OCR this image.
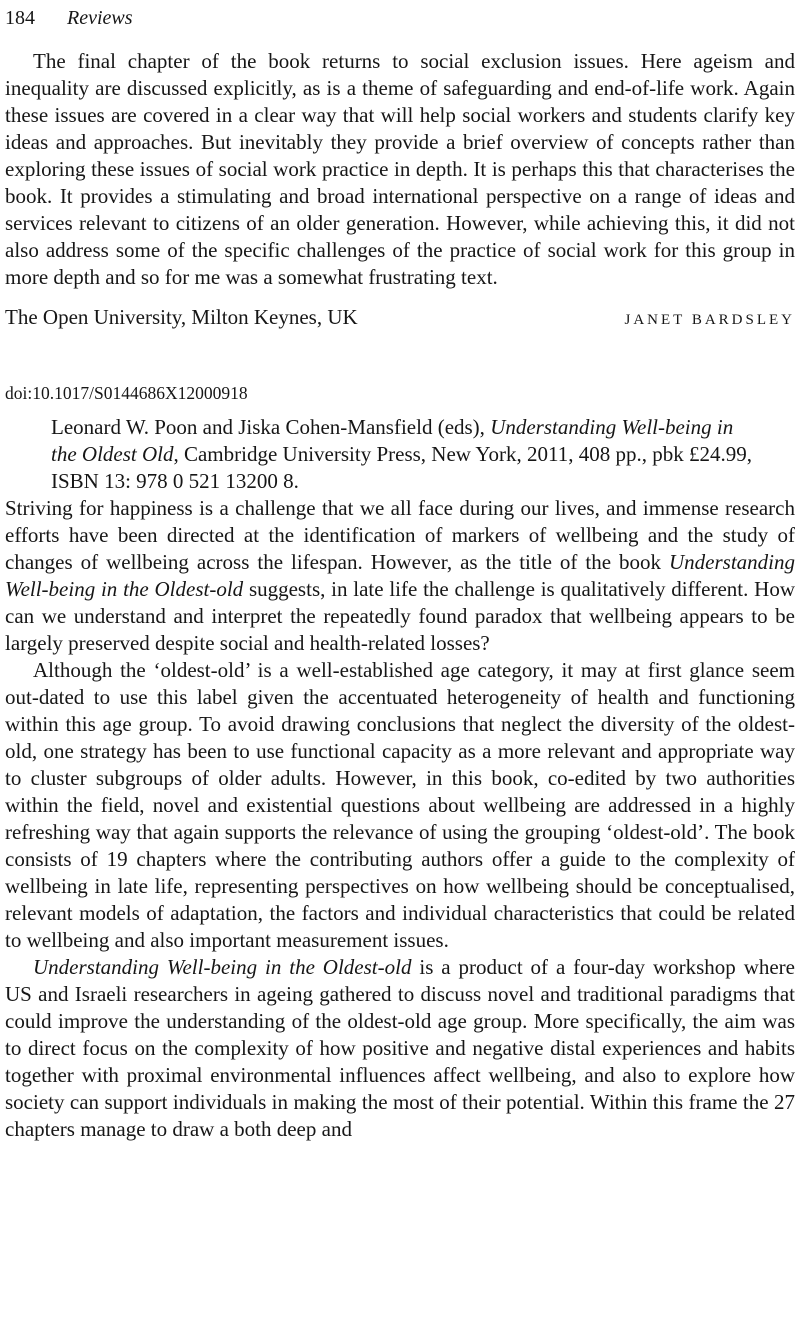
184 Reviews

The final chapter of the book returns to social exclusion issues. Here ageism and inequality are discussed explicitly, as is a theme of safeguarding and end-of-life work. Again these issues are covered in a clear way that will help social workers and students clarify key ideas and approaches. But inevitably they provide a brief overview of concepts rather than exploring these issues of social work practice in depth. It is perhaps this that characterises the book. It provides a stimulating and broad international perspective on a range of ideas and services relevant to citizens of an older generation. However, while achieving this, it did not also address some of the specific challenges of the practice of social work for this group in more depth and so for me was a somewhat frustrating text.

The Open University, Milton Keynes, UK	JANET BARDSLEY

doi:10.1017/S0144686X12000918

Leonard W. Poon and Jiska Cohen-Mansfield (eds), Understanding Well-being in the Oldest Old, Cambridge University Press, New York, 2011, 408 pp., pbk £24.99, ISBN 13: 978 0 521 13200 8.

Striving for happiness is a challenge that we all face during our lives, and immense research efforts have been directed at the identification of markers of wellbeing and the study of changes of wellbeing across the lifespan. However, as the title of the book Understanding Well-being in the Oldest-old suggests, in late life the challenge is qualitatively different. How can we understand and interpret the repeatedly found paradox that wellbeing appears to be largely preserved despite social and health-related losses?

Although the ‘oldest-old’ is a well-established age category, it may at first glance seem out-dated to use this label given the accentuated heterogeneity of health and functioning within this age group. To avoid drawing conclusions that neglect the diversity of the oldest-old, one strategy has been to use functional capacity as a more relevant and appropriate way to cluster subgroups of older adults. However, in this book, co-edited by two authorities within the field, novel and existential questions about wellbeing are addressed in a highly refreshing way that again supports the relevance of using the grouping ‘oldest-old’. The book consists of 19 chapters where the contributing authors offer a guide to the complexity of wellbeing in late life, representing perspectives on how wellbeing should be conceptualised, relevant models of adaptation, the factors and individual characteristics that could be related to wellbeing and also important measurement issues.

Understanding Well-being in the Oldest-old is a product of a four-day workshop where US and Israeli researchers in ageing gathered to discuss novel and traditional paradigms that could improve the understanding of the oldest-old age group. More specifically, the aim was to direct focus on the complexity of how positive and negative distal experiences and habits together with proximal environmental influences affect wellbeing, and also to explore how society can support individuals in making the most of their potential. Within this frame the 27 chapters manage to draw a both deep and
